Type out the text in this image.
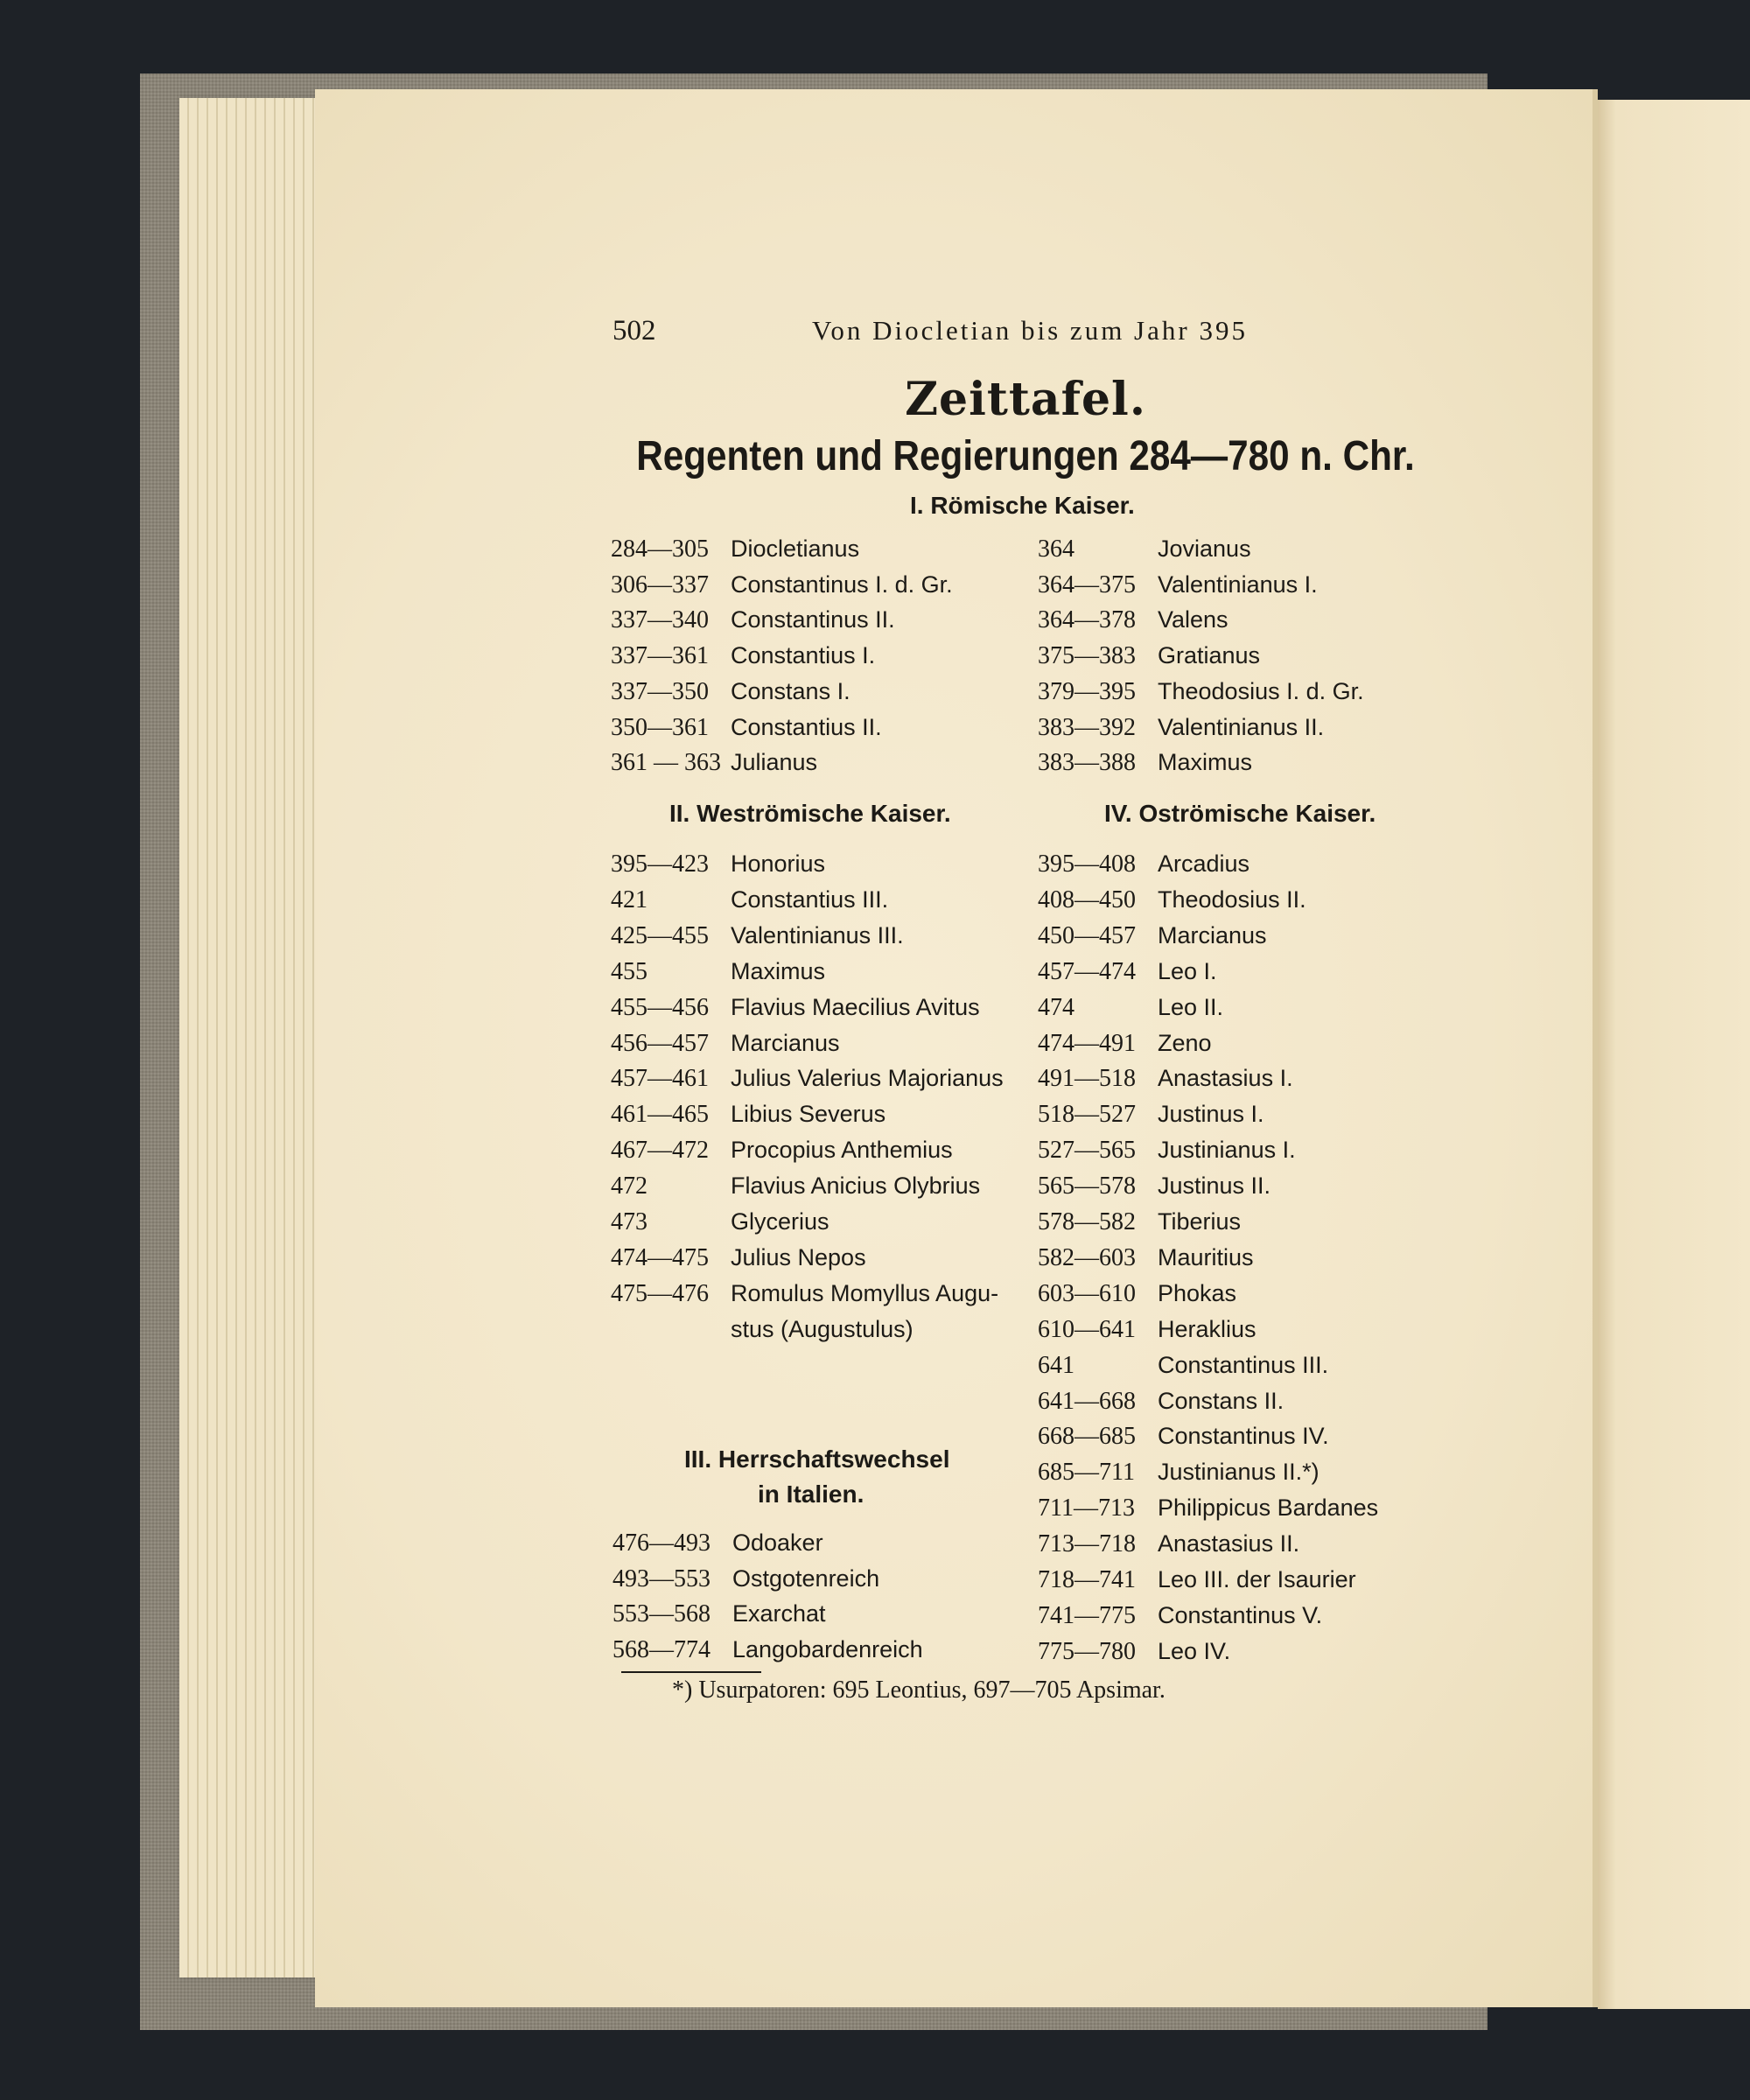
502	Von Diocletian bis zum Jahr 395
Zeittafel.
Regenten und Regierungen 284—780 n. Chr.
I. Römische Kaiser.
284—305 Diocletianus
306—337 Constantinus I. d. Gr.
337—340 Constantinus II.
337—361 Constantius I.
337—350 Constans I.
350—361 Constantius II.
361 — 363 Julianus
364	Jovianus
364—375 Valentinianus I.
364—378 Valens
375—383 Gratianus
379—395 Theodosius I. d. Gr.
383—392 Valentinianus II.
383—388 Maximus
II. Weströmische Kaiser.	IV. Oströmische Kaiser.
395—423 Honorius
421	Constantius III.
425—455 Valentinianus III.
455	Maximus
455—456 Flavius Maecilius Avitus
456—457 Marcianus
457—461 Julius Valerius Majorianus
461—465 Libius Severus
467—472 Procopius Anthemius
472	Flavius Anicius Olybrius
473	Glycerius
474—475 Julius Nepos
475—476 Romulus Momyllus Augu-
stus (Augustulus)
395—408 Arcadius
408—450 Theodosius II.
450—457 Marcianus
457—474 Leo I.
474	Leo II.
474—491 Zeno
491—518 Anastasius I.
518—527 Justinus I.
527—565 Justinianus I.
565—578 Justinus II.
578—582 Tiberius
582—603 Mauritius
603—610 Phokas
610—641 Heraklius
641	Constantinus III.
641—668 Constans II.
668—685 Constantinus IV.
685—711 Justinianus II.*)
711—713 Philippicus Bardanes
713—718 Anastasius II.
718—741 Leo III. der Isaurier
741—775 Constantinus V.
775—780 Leo IV.
III. Herrschaftswechsel
in Italien.
476—493 Odoaker
493—553 Ostgotenreich
553—568 Exarchat
568—774 Langobardenreich
*) Usurpatoren: 695 Leontius, 697—705 Apsimar.
